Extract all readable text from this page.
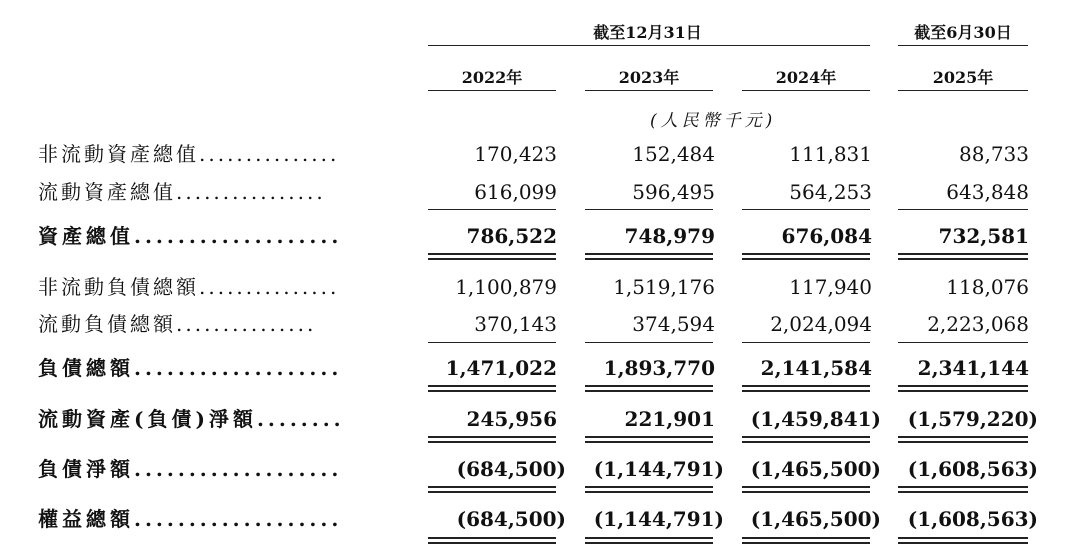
截至12月31日	截至6月30日
2022年	2023年	2024年	2025年
(人民幣千元)
非流動資產總值...............	170,423	152,484	111,831	88,733
流動資產總值................	616,099	596,495	564,253	643,848
資產總值...................	786,522	748,979	676,084	732,581
非流動負債總額...............	1,100,879	1,519,176	117,940	118,076
流動負債總額...............	370,143	374,594	2,024,094	2,223,068
負債總額...................	1,471,022	1,893,770	2,141,584	2,341,144
流動資產(負債)淨額........	245,956	221,901	(1,459,841)	(1,579,220)
負債淨額...................	(684,500)	(1,144,791)	(1,465,500)	(1,608,563)
權益總額...................	(684,500)	(1,144,791)	(1,465,500)	(1,608,563)
